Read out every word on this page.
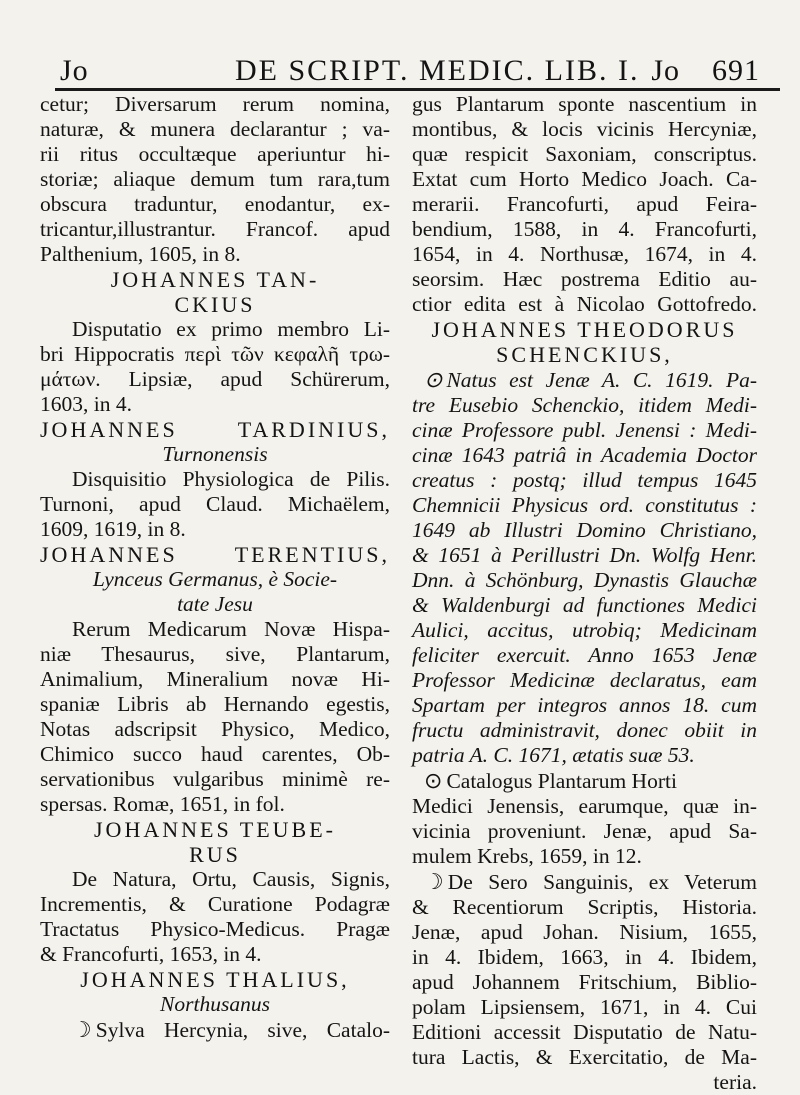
Jo	DE SCRIPT. MEDIC. LIB. I. Jo 691
cetur; Diversarum rerum nomina,
naturæ, & munera declarantur ; va-
rii ritus occultæque aperiuntur hi-
storiæ; aliaque demum tum rara,tum
obscura traduntur, enodantur, ex-
tricantur,illustrantur. Francof. apud
Palthenium, 1605, in 8.
JOHANNES TAN-
CKIUS
Disputatio ex primo membro Li-
bri Hippocratis περὶ τῶν κεφαλῆ τρω-
μάτων. Lipsiæ, apud Schürerum,
1603, in 4.
JOHANNES TARDINIUS,
Turnonensis
Disquisitio Physiologica de Pilis.
Turnoni, apud Claud. Michaëlem,
1609, 1619, in 8.
JOHANNES TERENTIUS,
Lynceus Germanus, è Socie-
tate Jesu
Rerum Medicarum Novæ Hispa-
niæ Thesaurus, sive, Plantarum,
Animalium, Mineralium novæ Hi-
spaniæ Libris ab Hernando egestis,
Notas adscripsit Physico, Medico,
Chimico succo haud carentes, Ob-
servationibus vulgaribus minimè re-
spersas. Romæ, 1651, in fol.
JOHANNES TEUBE-
RUS
De Natura, Ortu, Causis, Signis,
Incrementis, & Curatione Podagræ
Tractatus Physico-Medicus. Pragæ
& Francofurti, 1653, in 4.
JOHANNES THALIUS,
Northusanus
☽ Sylva Hercynia, sive, Catalo-
gus Plantarum sponte nascentium in
montibus, & locis vicinis Hercyniæ,
quæ respicit Saxoniam, conscriptus.
Extat cum Horto Medico Joach. Ca-
merarii. Francofurti, apud Feira-
bendium, 1588, in 4. Francofurti,
1654, in 4. Northusæ, 1674, in 4.
seorsim. Hæc postrema Editio au-
ctior edita est à Nicolao Gottofredo.
JOHANNES THEODORUS
SCHENCKIUS,
⊙ Natus est Jenæ A. C. 1619. Pa-
tre Eusebio Schenckio, itidem Medi-
cinæ Professore publ. Jenensi : Medi-
cinæ 1643 patriâ in Academia Doctor
creatus : postq; illud tempus 1645
Chemnicii Physicus ord. constitutus :
1649 ab Illustri Domino Christiano,
& 1651 à Perillustri Dn. Wolfg Henr.
Dnn. à Schönburg, Dynastis Glauchæ
& Waldenburgi ad functiones Medici
Aulici, accitus, utrobiq; Medicinam
feliciter exercuit. Anno 1653 Jenæ
Professor Medicinæ declaratus, eam
Spartam per integros annos 18. cum
fructu administravit, donec obiit in
patria A. C. 1671, ætatis suæ 53.
⊙ Catalogus Plantarum Horti
Medici Jenensis, earumque, quæ in-
vicinia proveniunt. Jenæ, apud Sa-
mulem Krebs, 1659, in 12.
☽ De Sero Sanguinis, ex Veterum
& Recentiorum Scriptis, Historia.
Jenæ, apud Johan. Nisium, 1655,
in 4. Ibidem, 1663, in 4. Ibidem,
apud Johannem Fritschium, Biblio-
polam Lipsiensem, 1671, in 4. Cui
Editioni accessit Disputatio de Natu-
tura Lactis, & Exercitatio, de Ma-
teria.
